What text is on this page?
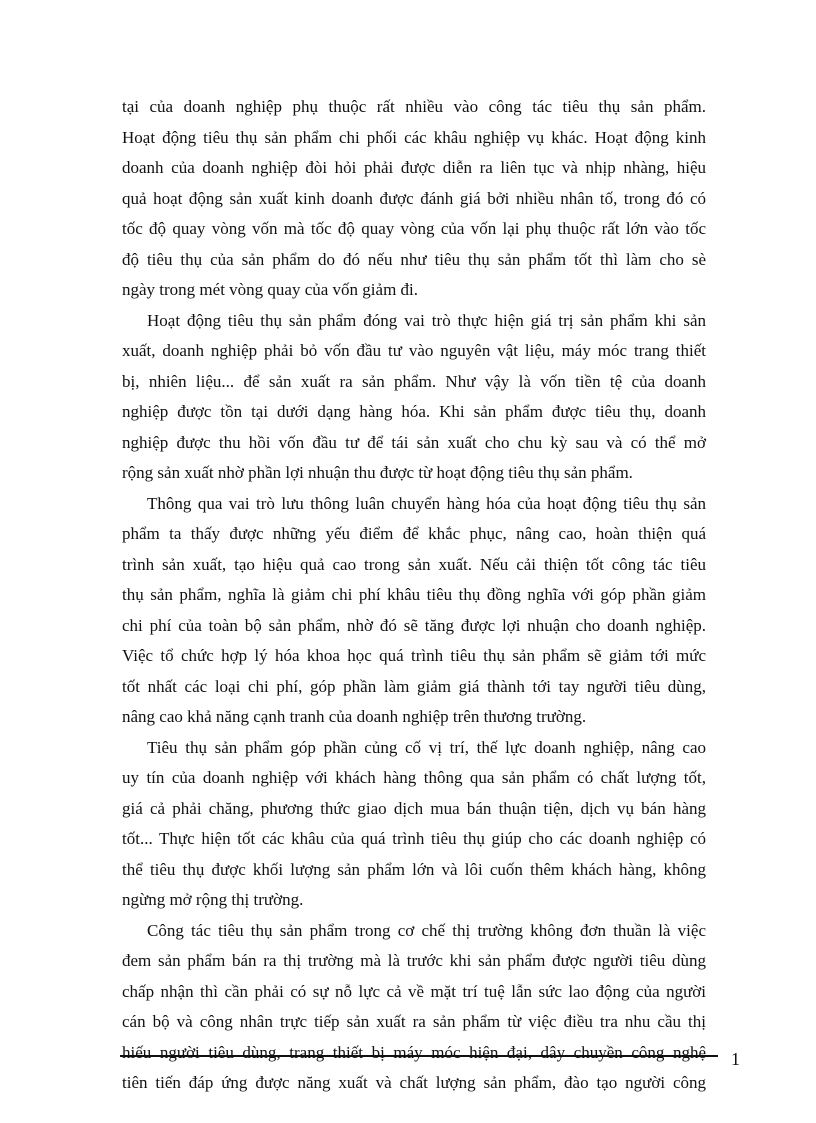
tại của doanh nghiệp phụ thuộc rất nhiều vào công tác tiêu thụ sản phẩm.
Hoạt động tiêu thụ sản phẩm chi phối các khâu nghiệp vụ khác. Hoạt động kinh
doanh của doanh nghiệp đòi hỏi phải được diễn ra liên tục và nhịp nhàng, hiệu
quả hoạt động sản xuất kinh doanh được đánh giá bởi nhiều nhân tố, trong đó có
tốc độ quay vòng vốn mà tốc độ quay vòng của vốn lại phụ thuộc rất lớn vào tốc
độ tiêu thụ của sản phẩm do đó nếu như tiêu thụ sản phẩm tốt thì làm cho sè
ngày trong mét vòng quay của vốn giảm đi.

Hoạt động tiêu thụ sản phẩm đóng vai trò thực hiện giá trị sản phẩm khi sản
xuất, doanh nghiệp phải bỏ vốn đầu tư vào nguyên vật liệu, máy móc trang thiết
bị, nhiên liệu... để sản xuất ra sản phẩm. Như vậy là vốn tiền tệ của doanh
nghiệp được tồn tại dưới dạng hàng hóa. Khi sản phẩm được tiêu thụ, doanh
nghiệp được thu hồi vốn đầu tư để tái sản xuất cho chu kỳ sau và có thể mở
rộng sản xuất nhờ phần lợi nhuận thu được từ hoạt động tiêu thụ sản phẩm.

Thông qua vai trò lưu thông luân chuyển hàng hóa của hoạt động tiêu thụ sản
phẩm ta thấy được những yếu điểm để khắc phục, nâng cao, hoàn thiện quá
trình sản xuất, tạo hiệu quả cao trong sản xuất. Nếu cải thiện tốt công tác tiêu
thụ sản phẩm, nghĩa là giảm chi phí khâu tiêu thụ đồng nghĩa với góp phần giảm
chi phí của toàn bộ sản phẩm, nhờ đó sẽ tăng được lợi nhuận cho doanh nghiệp.
Việc tổ chức hợp lý hóa khoa học quá trình tiêu thụ sản phẩm sẽ giảm tới mức
tốt nhất các loại chi phí, góp phần làm giảm giá thành tới tay người tiêu dùng,
nâng cao khả năng cạnh tranh của doanh nghiệp trên thương trường.

Tiêu thụ sản phẩm góp phần củng cố vị trí, thế lực doanh nghiệp, nâng cao
uy tín của doanh nghiệp với khách hàng thông qua sản phẩm có chất lượng tốt,
giá cả phải chăng, phương thức giao dịch mua bán thuận tiện, dịch vụ bán hàng
tốt... Thực hiện tốt các khâu của quá trình tiêu thụ giúp cho các doanh nghiệp có
thể tiêu thụ được khối lượng sản phẩm lớn và lôi cuốn thêm khách hàng, không
ngừng mở rộng thị trường.

Công tác tiêu thụ sản phẩm trong cơ chế thị trường không đơn thuần là việc
đem sản phẩm bán ra thị trường mà là trước khi sản phẩm được người tiêu dùng
chấp nhận thì cần phải có sự nỗ lực cả về mặt trí tuệ lẫn sức lao động của người
cán bộ và công nhân trực tiếp sản xuất ra sản phẩm từ việc điều tra nhu cầu thị
hiếu người tiêu dùng, trang thiết bị máy móc hiện đại, dây chuyền công nghệ
tiên tiến đáp ứng được năng xuất và chất lượng sản phẩm, đào tạo người công

1
